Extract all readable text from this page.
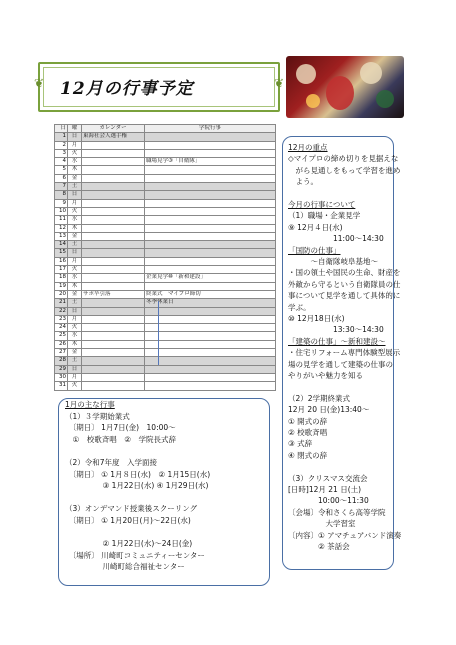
❦	❦
12月の行事予定
日	曜	カレンダー	学院行事
1	日	東海社会人選手権	
2	月		
3	火		
4	水		職場見学③「自衛隊」
5	木		
6	金		
7	土		
8	日		
9	月		
10	火		
11	水		
12	木		
13	金		
14	土		
15	日		
16	月		
17	火		
18	水		企業見学⑩「新和建設」
19	木		
20	金	サポ卒引落	終業式　マイプロ締切
21	土		冬季休業日
22	日		
23	月		
24	火		
25	水		
26	木		
27	金		
28	土		
29	日		
30	月		
31	火		
12月の重点
◇マイプロの締め切りを見据えな
　がら見通しをもって学習を進め
　よう。
今月の行事について
（1）職場・企業見学
⑨ 12月４日(水)
　　　　　　11:00～14:30
「国防の仕事」
　　　～自衛隊岐阜基地～
・国の領土や国民の生命、財産を
外敵から守るという自衛隊員の仕
事について見学を通して具体的に
学ぶ。
⑩ 12月18日(水)
　　　　　　13:30～14:30
「建築の仕事」～新和建設～
・住宅リフォーム専門体験型展示
場の見学を通して建築の仕事の
やりがいや魅力を知る
（2）2学期終業式
12月 20 日(金)13:40～
① 開式の辞
② 校歌斉唱
③ 式辞
④ 閉式の辞
（3）クリスマス交流会
[日時]12月 21 日(土)
　　　　10:00～11:30
〔会場〕令和さくら高等学院
　　　　　大学習室
〔内容〕① アマチュアバンド演奏
　　　　② 茶話会
1月の主な行事
（1）３学期始業式
　〔期日〕 1月7日(金)　10:00～
　①　校歌斉唱　②　学院長式辞
（2）令和7年度　入学面接
　〔期日〕 ① 1月８日(水)　② 1月15日(水)
　　　　　③ 1月22日(水) ④ 1月29日(水)
（3）オンデマンド授業後スクーリング
　〔期日〕 ① 1月20日(月)～22日(水)
　　　　　② 1月22日(水)～24日(金)
　〔場所〕 川崎町コミュニティーセンター
　　　　　川崎町総合福祉センター
